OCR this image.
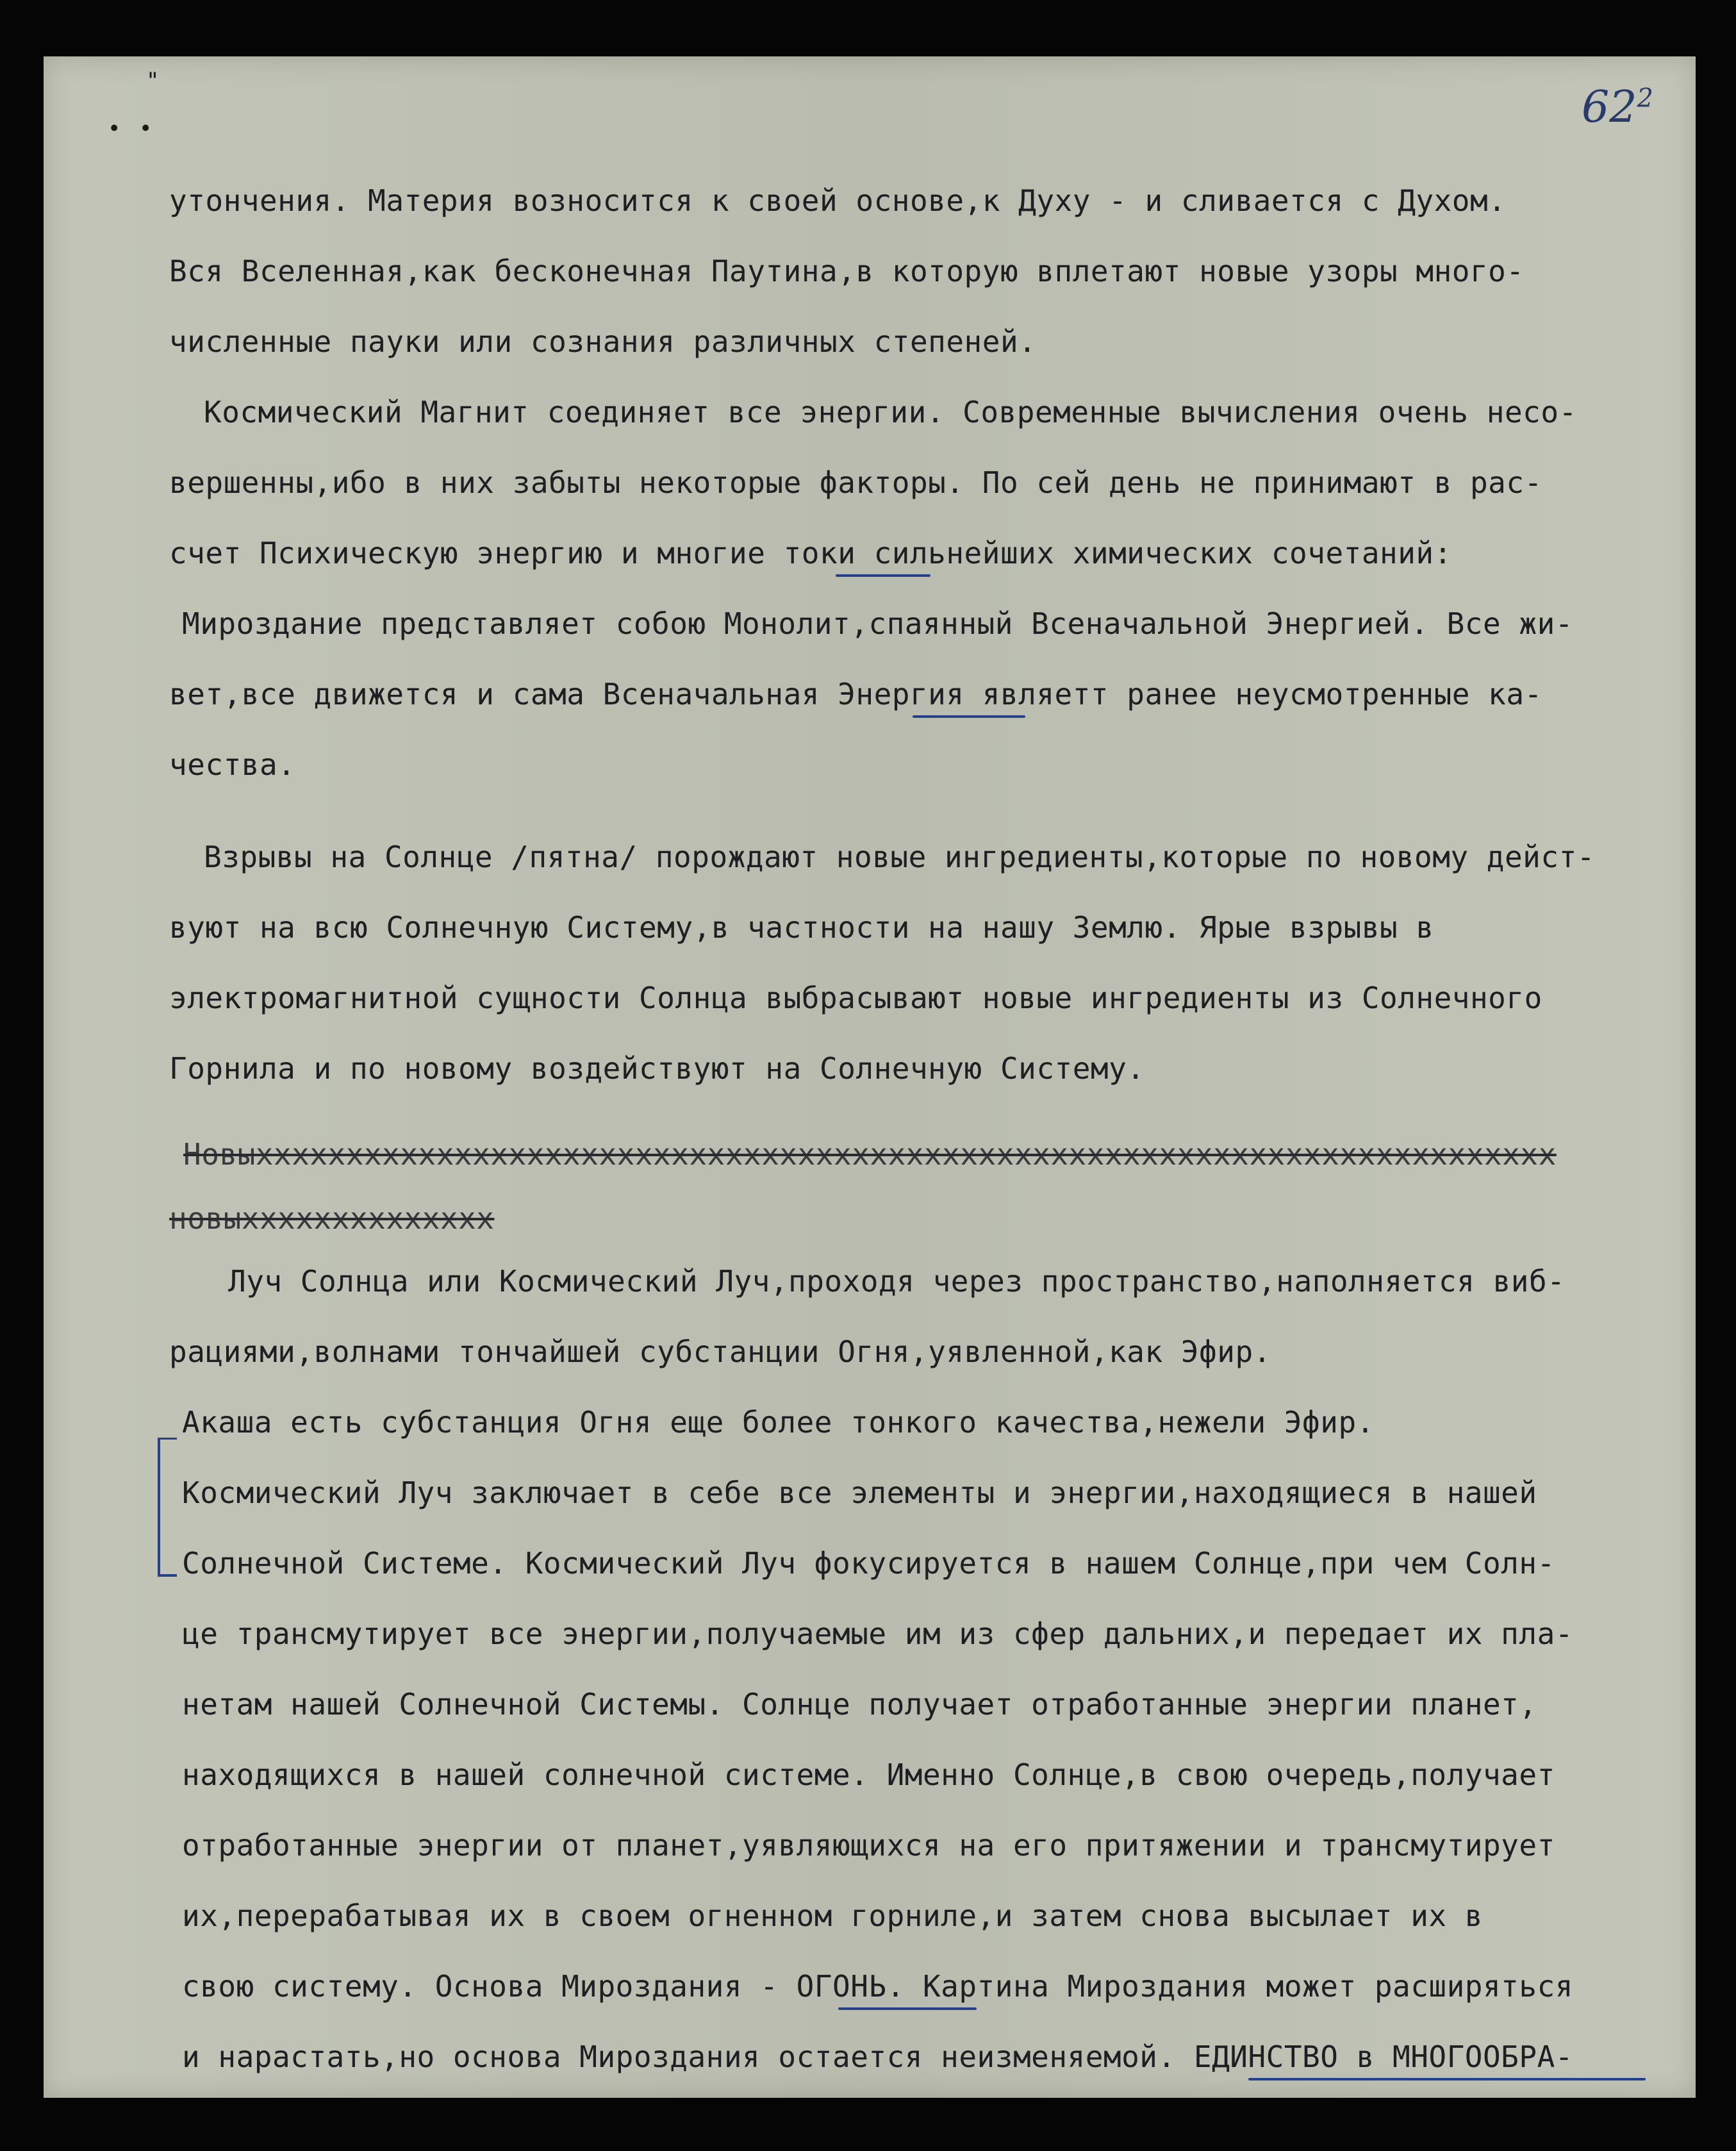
"
∙ ∙	$62^2$
утончения. Материя возносится к своей основе,к Духу - и сливается с Духом.
Вся Вселенная,как бесконечная Паутина,в которую вплетают новые узоры много-
численные пауки или сознания различных степеней.
Космический Магнит соединяет все энергии. Современные вычисления очень несо-
вершенны,ибо в них забыты некоторые факторы. По сей день не принимают в рас-
счет Психическую энергию и многие токи сильнейших химических сочетаний:
Мироздание представляет собою Монолит,спаянный Всеначальной Энергией. Все жи-
вет,все движется и сама Всеначальная Энергия являетт ранее неусмотренные ка-
чества.
Взрывы на Солнце /пятна/ порождают новые ингредиенты,которые по новому дейст-
вуют на всю Солнечную Систему,в частности на нашу Землю. Ярые взрывы в
электромагнитной сущности Солнца выбрасывают новые ингредиенты из Солнечного
Горнила и по новому воздействуют на Солнечную Систему.
Новыхххххххххххххххххххххххххххххххххххххххххххххххххххххххххххххххххххххххх
новыхххххххххххххх
Луч Солнца или Космический Луч,проходя через пространство,наполняется виб-
рациями,волнами тончайшей субстанции Огня,уявленной,как Эфир.
Акаша есть субстанция Огня еще более тонкого качества,нежели Эфир.
Космический Луч заключает в себе все элементы и энергии,находящиеся в нашей
Солнечной Системе. Космический Луч фокусируется в нашем Солнце,при чем Солн-
це трансмутирует все энергии,получаемые им из сфер дальних,и передает их пла-
нетам нашей Солнечной Системы. Солнце получает отработанные энергии планет,
находящихся в нашей солнечной системе. Именно Солнце,в свою очередь,получает
отработанные энергии от планет,уявляющихся на его притяжении и трансмутирует
их,перерабатывая их в своем огненном горниле,и затем снова высылает их в
свою систему. Основа Мироздания - ОГОНЬ. Картина Мироздания может расширяться
и нарастать,но основа Мироздания остается неизменяемой. ЕДИНСТВО в МНОГООБРА-
